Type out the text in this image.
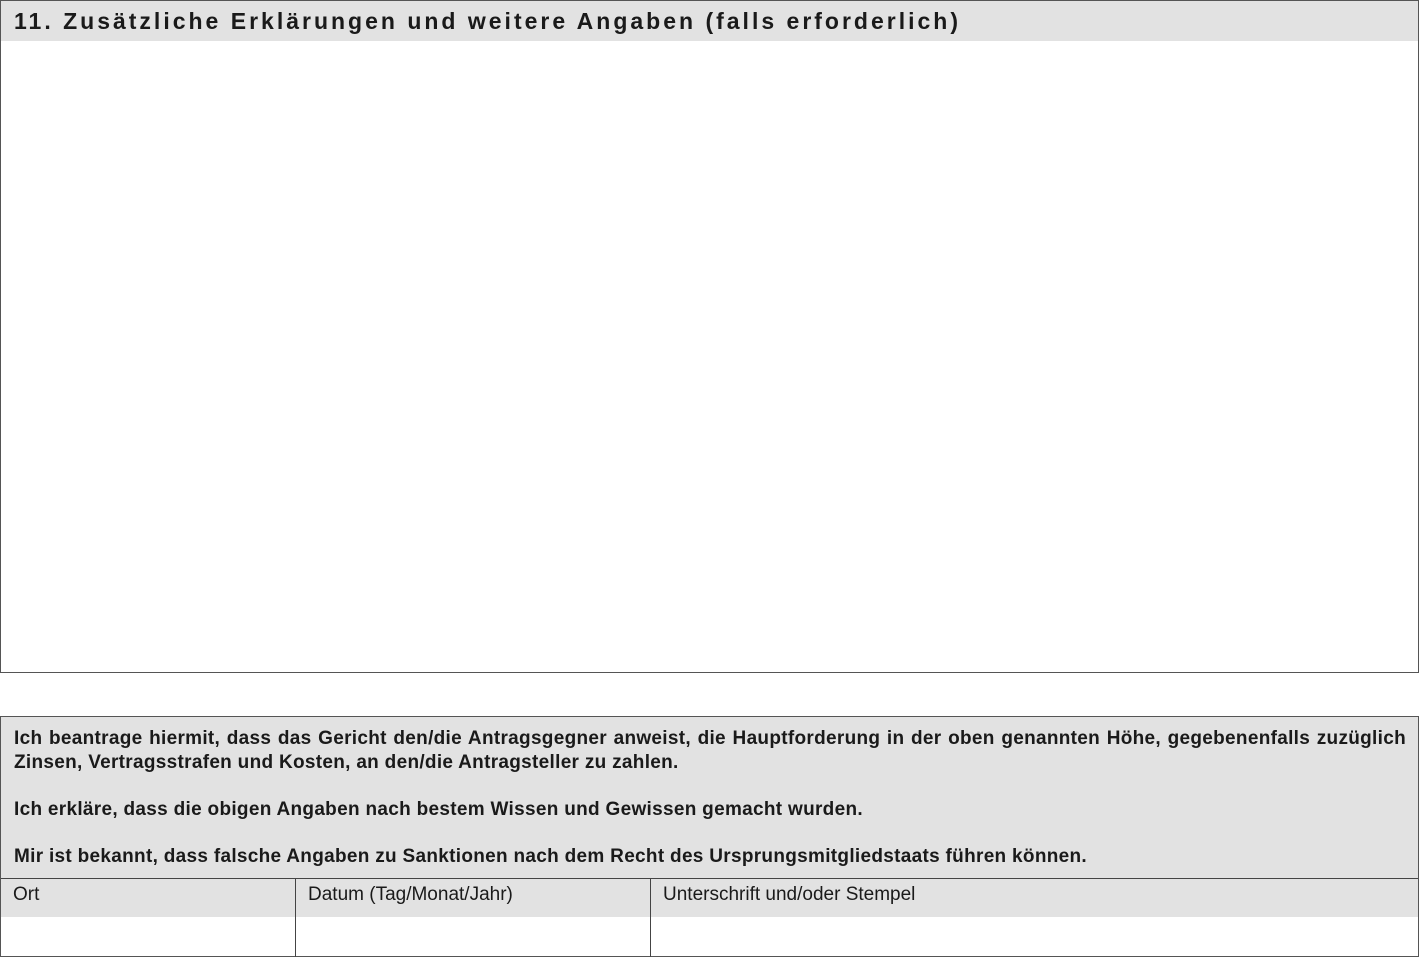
11. Zusätzliche Erklärungen und weitere Angaben (falls erforderlich)

Ich beantrage hiermit, dass das Gericht den/die Antragsgegner anweist, die Hauptforderung in der oben genannten Höhe, gegebenenfalls zuzüglich Zinsen, Vertragsstrafen und Kosten, an den/die Antragsteller zu zahlen.

Ich erkläre, dass die obigen Angaben nach bestem Wissen und Gewissen gemacht wurden.

Mir ist bekannt, dass falsche Angaben zu Sanktionen nach dem Recht des Ursprungsmitgliedstaats führen können.

Ort	Datum (Tag/Monat/Jahr)	Unterschrift und/oder Stempel
